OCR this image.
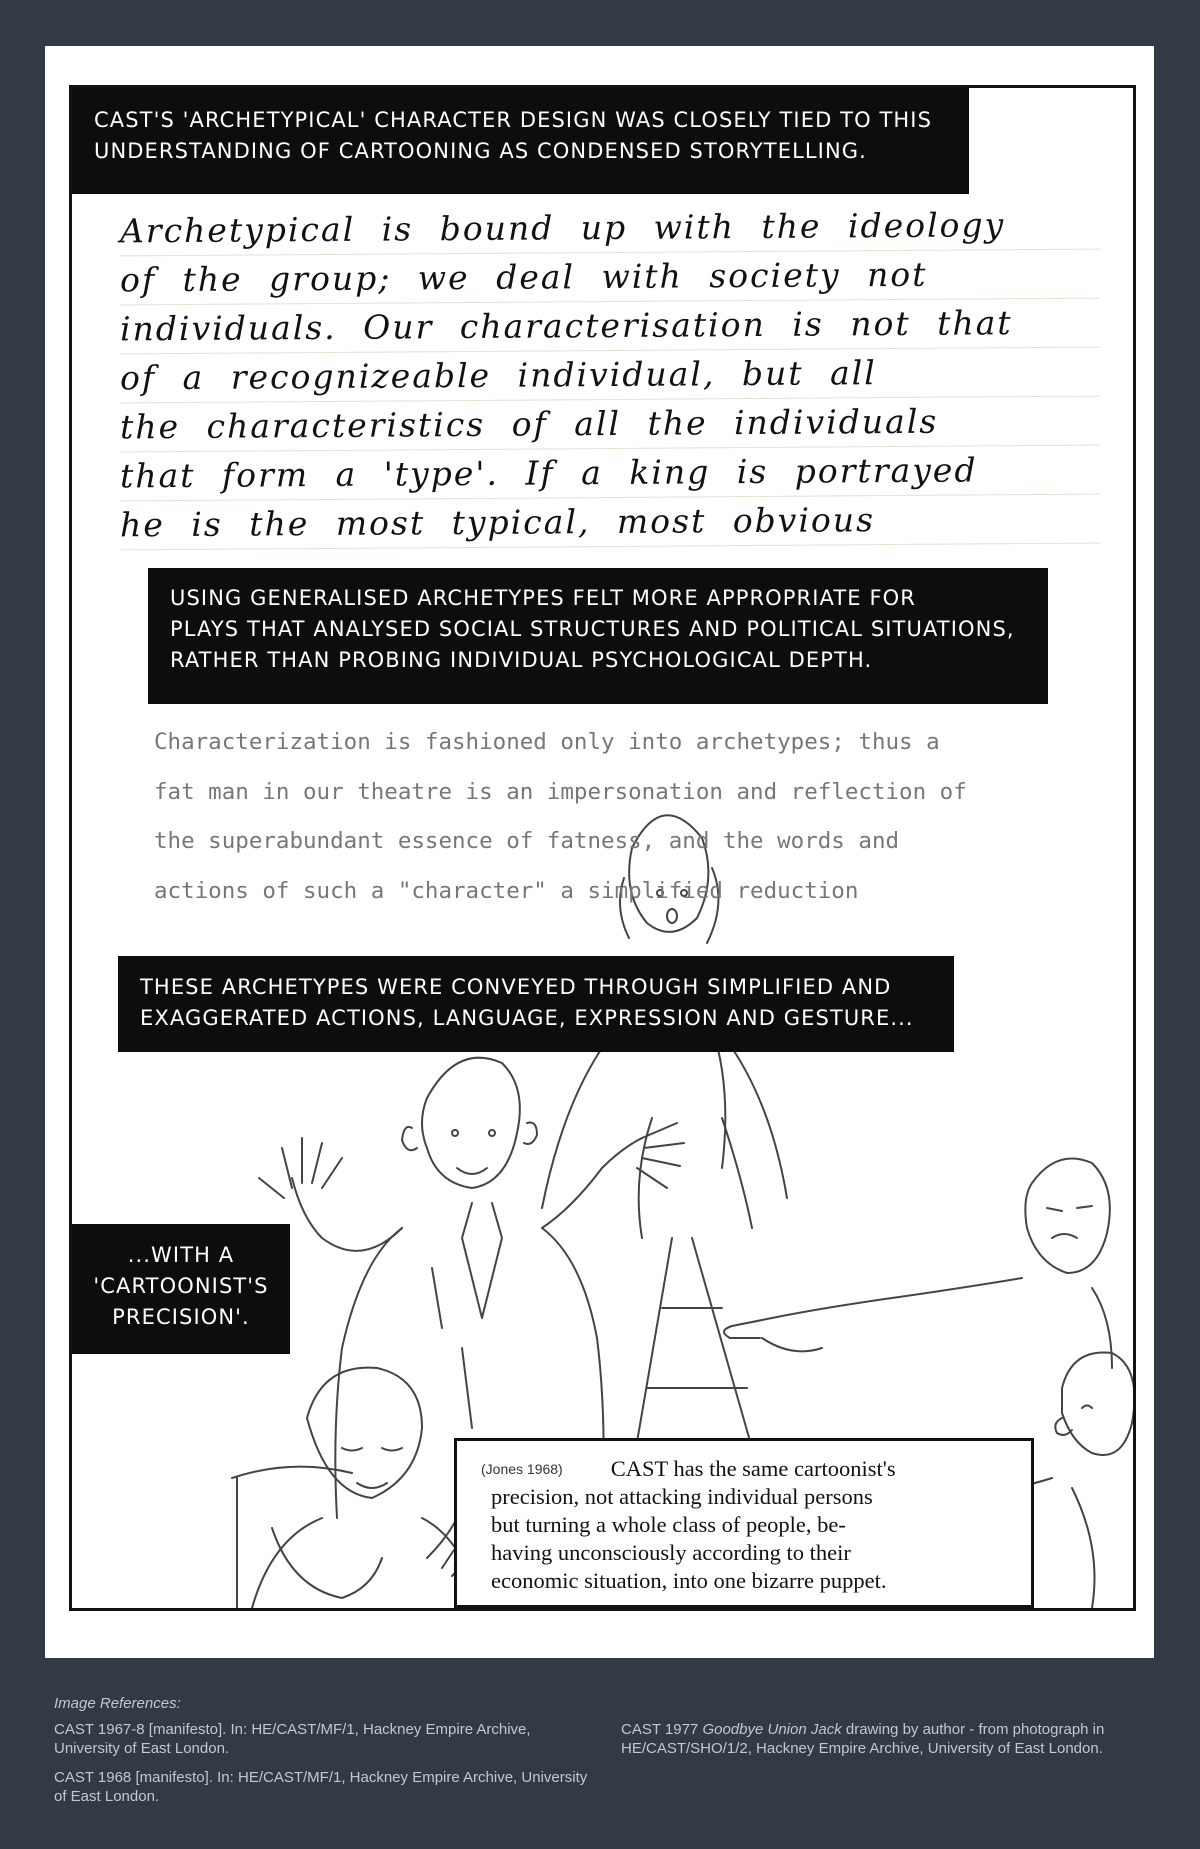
CAST'S 'ARCHETYPICAL' CHARACTER DESIGN WAS CLOSELY TIED TO THIS
UNDERSTANDING OF CARTOONING AS CONDENSED STORYTELLING.
Archetypical is bound up with the ideology
of the group; we deal with society not
individuals. Our characterisation is not that
of a recognizeable individual, but all
the characteristics of all the individuals
that form a 'type'. If a king is portrayed
he is the most typical, most obvious
USING GENERALISED ARCHETYPES FELT MORE APPROPRIATE FOR
PLAYS THAT ANALYSED SOCIAL STRUCTURES AND POLITICAL SITUATIONS,
RATHER THAN PROBING INDIVIDUAL PSYCHOLOGICAL DEPTH.
Characterization is fashioned only into archetypes; thus a
fat man in our theatre is an impersonation and reflection of
the superabundant essence of fatness, and the words and
actions of such a "character" a simplified reduction
THESE ARCHETYPES WERE CONVEYED THROUGH SIMPLIFIED AND
EXAGGERATED ACTIONS, LANGUAGE, EXPRESSION AND GESTURE...
...WITH A
'CARTOONIST'S
PRECISION'.
(Jones 1968) CAST has the same cartoonist's
precision, not attacking individual persons
but turning a whole class of people, be-
having unconsciously according to their
economic situation, into one bizarre puppet.
Image References:
CAST 1967-8 [manifesto]. In: HE/CAST/MF/1, Hackney Empire Archive, University of East London.
CAST 1968 [manifesto]. In: HE/CAST/MF/1, Hackney Empire Archive, University of East London.
CAST 1977 Goodbye Union Jack drawing by author - from photograph in HE/CAST/SHO/1/2, Hackney Empire Archive, University of East London.
